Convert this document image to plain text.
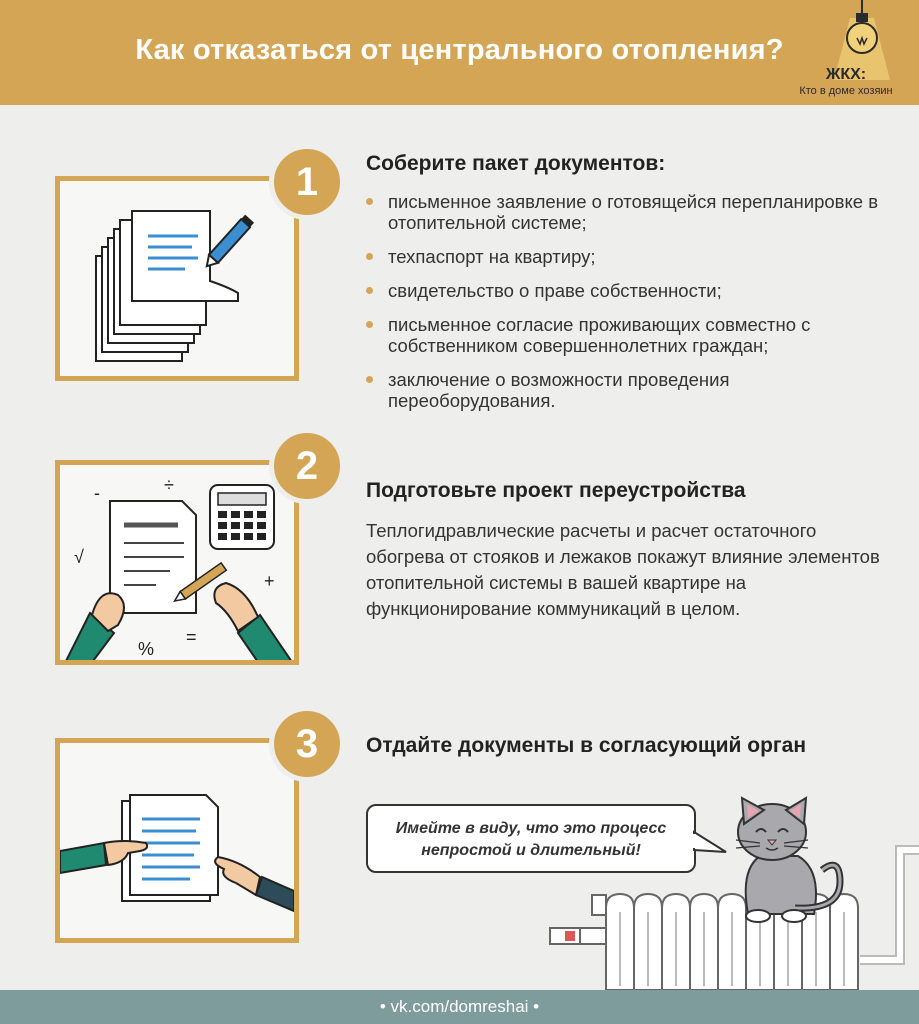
Как отказаться от центрального отопления?
ЖКХ:
Кто в доме хозяин
1	Соберите пакет документов:
письменное заявление о готовящейся перепланировке в отопительной системе;
техпаспорт на квартиру;
свидетельство о праве собственности;
письменное согласие проживающих совместно с собственником совершеннолетних граждан;
заключение о возможности проведения переоборудования.
-	÷
√
+
%
=
2
Подготовьте проект переустройства
Теплогидравлические расчеты и расчет остаточного обогрева от стояков и лежаков покажут влияние элементов отопительной системы в вашей квартире на функционирование коммуникаций в целом.
3	Отдайте документы в согласующий орган
Имейте в виду, что это процесс
непростой и длительный!
• vk.com/domreshai •
